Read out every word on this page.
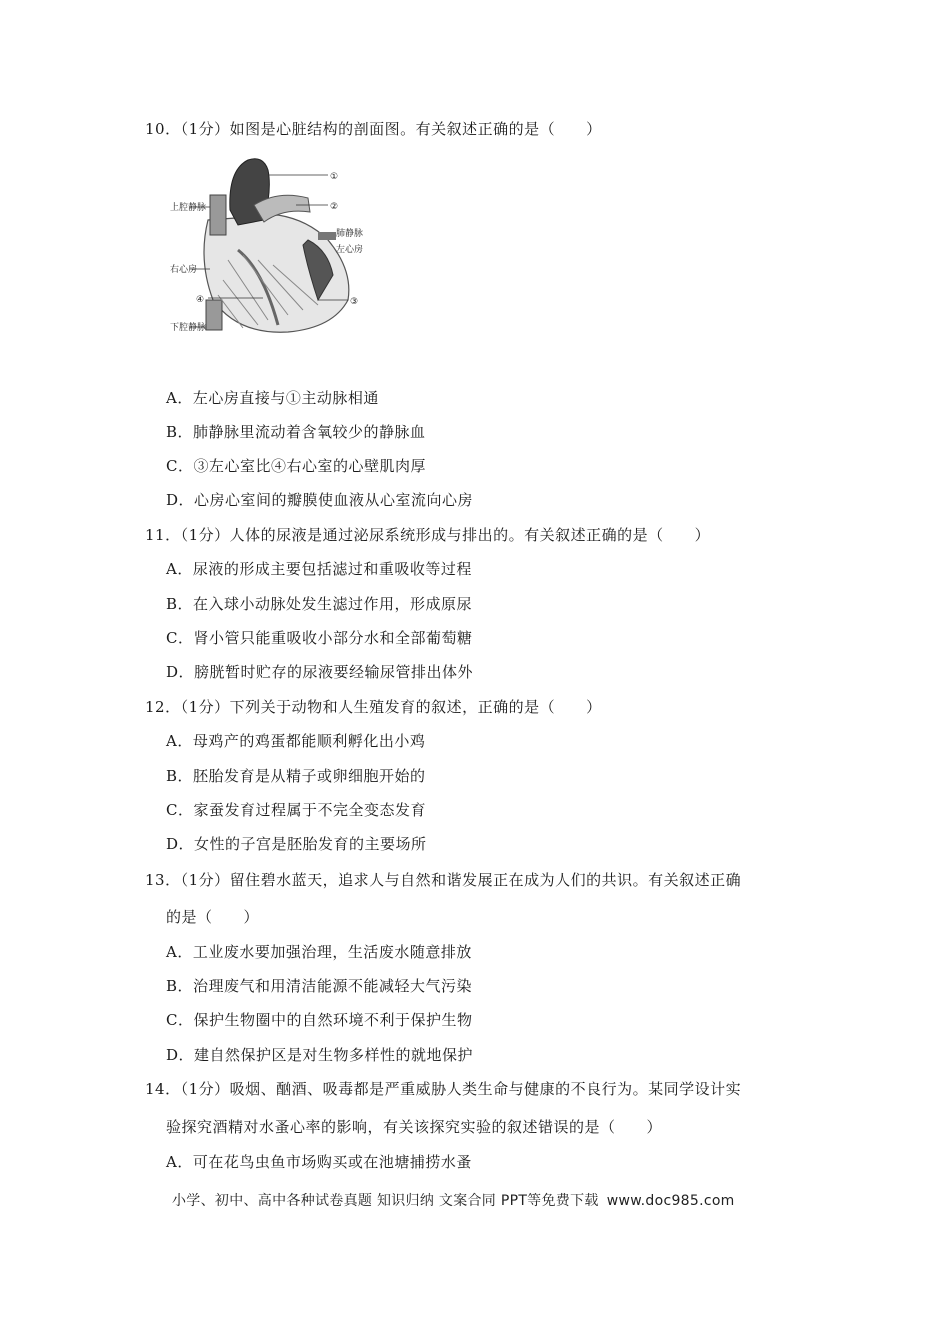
10．（1分）如图是心脏结构的剖面图。有关叙述正确的是（　　）
上腔静脉
右心房
下腔静脉
肺静脉
左心房
①
②
③
④
A．左心房直接与①主动脉相通
B．肺静脉里流动着含氧较少的静脉血
C．③左心室比④右心室的心壁肌肉厚
D．心房心室间的瓣膜使血液从心室流向心房
11．（1分）人体的尿液是通过泌尿系统形成与排出的。有关叙述正确的是（　　）
A．尿液的形成主要包括滤过和重吸收等过程
B．在入球小动脉处发生滤过作用，形成原尿
C．肾小管只能重吸收小部分水和全部葡萄糖
D．膀胱暂时贮存的尿液要经输尿管排出体外
12．（1分）下列关于动物和人生殖发育的叙述，正确的是（　　）
A．母鸡产的鸡蛋都能顺利孵化出小鸡
B．胚胎发育是从精子或卵细胞开始的
C．家蚕发育过程属于不完全变态发育
D．女性的子宫是胚胎发育的主要场所
13．（1分）留住碧水蓝天，追求人与自然和谐发展正在成为人们的共识。有关叙述正确
的是（　　）
A．工业废水要加强治理，生活废水随意排放
B．治理废气和用清洁能源不能减轻大气污染
C．保护生物圈中的自然环境不利于保护生物
D．建自然保护区是对生物多样性的就地保护
14．（1分）吸烟、酗酒、吸毒都是严重威胁人类生命与健康的不良行为。某同学设计实
验探究酒精对水蚤心率的影响，有关该探究实验的叙述错误的是（　　）
A．可在花鸟虫鱼市场购买或在池塘捕捞水蚤
小学、初中、高中各种试卷真题 知识归纳 文案合同 PPT等免费下载 www.doc985.com
